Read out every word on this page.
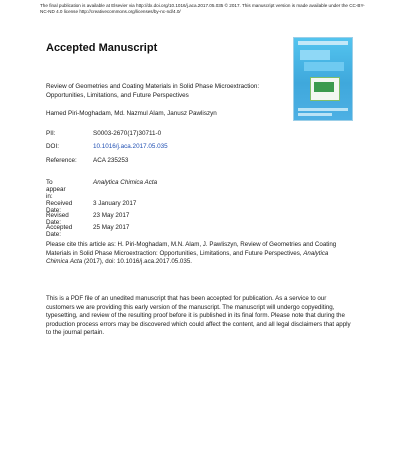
The final publication is available at Elsevier via http://dx.doi.org/10.1016/j.aca.2017.05.035 © 2017. This manuscript version is made available under the CC-BY-NC-ND 4.0 license http://creativecommons.org/licenses/by-nc-nd/4.0/
Accepted Manuscript
Review of Geometries and Coating Materials in Solid Phase Microextraction: Opportunities, Limitations, and Future Perspectives
Hamed Piri-Moghadam, Md. Nazmul Alam, Janusz Pawliszyn
PII:	S0003-2670(17)30711-0
DOI:	10.1016/j.aca.2017.05.035
Reference:	ACA 235253
To appear in:
Analytica Chimica Acta
Received Date:
3 January 2017
Revised Date:
23 May 2017
Accepted Date:
25 May 2017
Please cite this article as: H. Piri-Moghadam, M.N. Alam, J. Pawliszyn, Review of Geometries and Coating Materials in Solid Phase Microextraction: Opportunities, Limitations, and Future Perspectives, Analytica Chimica Acta (2017), doi: 10.1016/j.aca.2017.05.035.
This is a PDF file of an unedited manuscript that has been accepted for publication. As a service to our customers we are providing this early version of the manuscript. The manuscript will undergo copyediting, typesetting, and review of the resulting proof before it is published in its final form. Please note that during the production process errors may be discovered which could affect the content, and all legal disclaimers that apply to the journal pertain.
